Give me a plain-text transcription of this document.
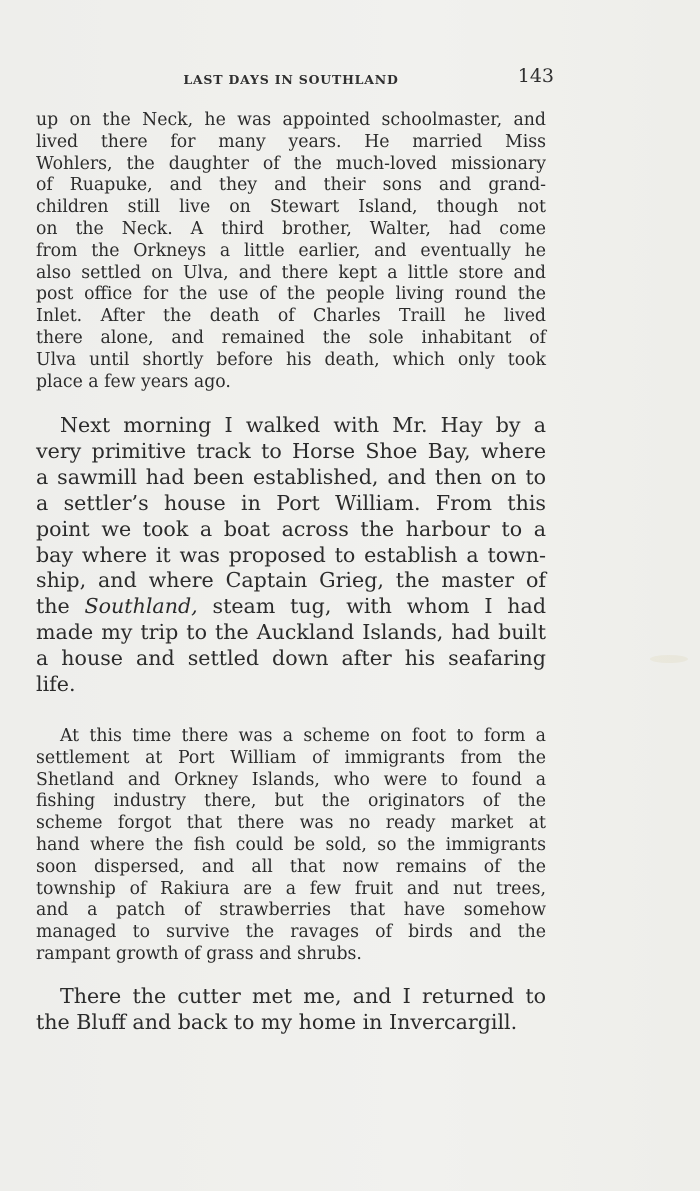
LAST DAYS IN SOUTHLAND	143
up on the Neck, he was appointed schoolmaster, and
lived there for many years. He married Miss
Wohlers, the daughter of the much-loved missionary
of Ruapuke, and they and their sons and grand-
children still live on Stewart Island, though not
on the Neck. A third brother, Walter, had come
from the Orkneys a little earlier, and eventually he
also settled on Ulva, and there kept a little store and
post office for the use of the people living round the
Inlet. After the death of Charles Traill he lived
there alone, and remained the sole inhabitant of
Ulva until shortly before his death, which only took
place a few years ago.
Next morning I walked with Mr. Hay by a
very primitive track to Horse Shoe Bay, where
a sawmill had been established, and then on to
a settler’s house in Port William. From this
point we took a boat across the harbour to a
bay where it was proposed to establish a town-
ship, and where Captain Grieg, the master of
the Southland, steam tug, with whom I had
made my trip to the Auckland Islands, had built
a house and settled down after his seafaring
life.
At this time there was a scheme on foot to form a
settlement at Port William of immigrants from the
Shetland and Orkney Islands, who were to found a
fishing industry there, but the originators of the
scheme forgot that there was no ready market at
hand where the fish could be sold, so the immigrants
soon dispersed, and all that now remains of the
township of Rakiura are a few fruit and nut trees,
and a patch of strawberries that have somehow
managed to survive the ravages of birds and the
rampant growth of grass and shrubs.
There the cutter met me, and I returned to
the Bluff and back to my home in Invercargill.
